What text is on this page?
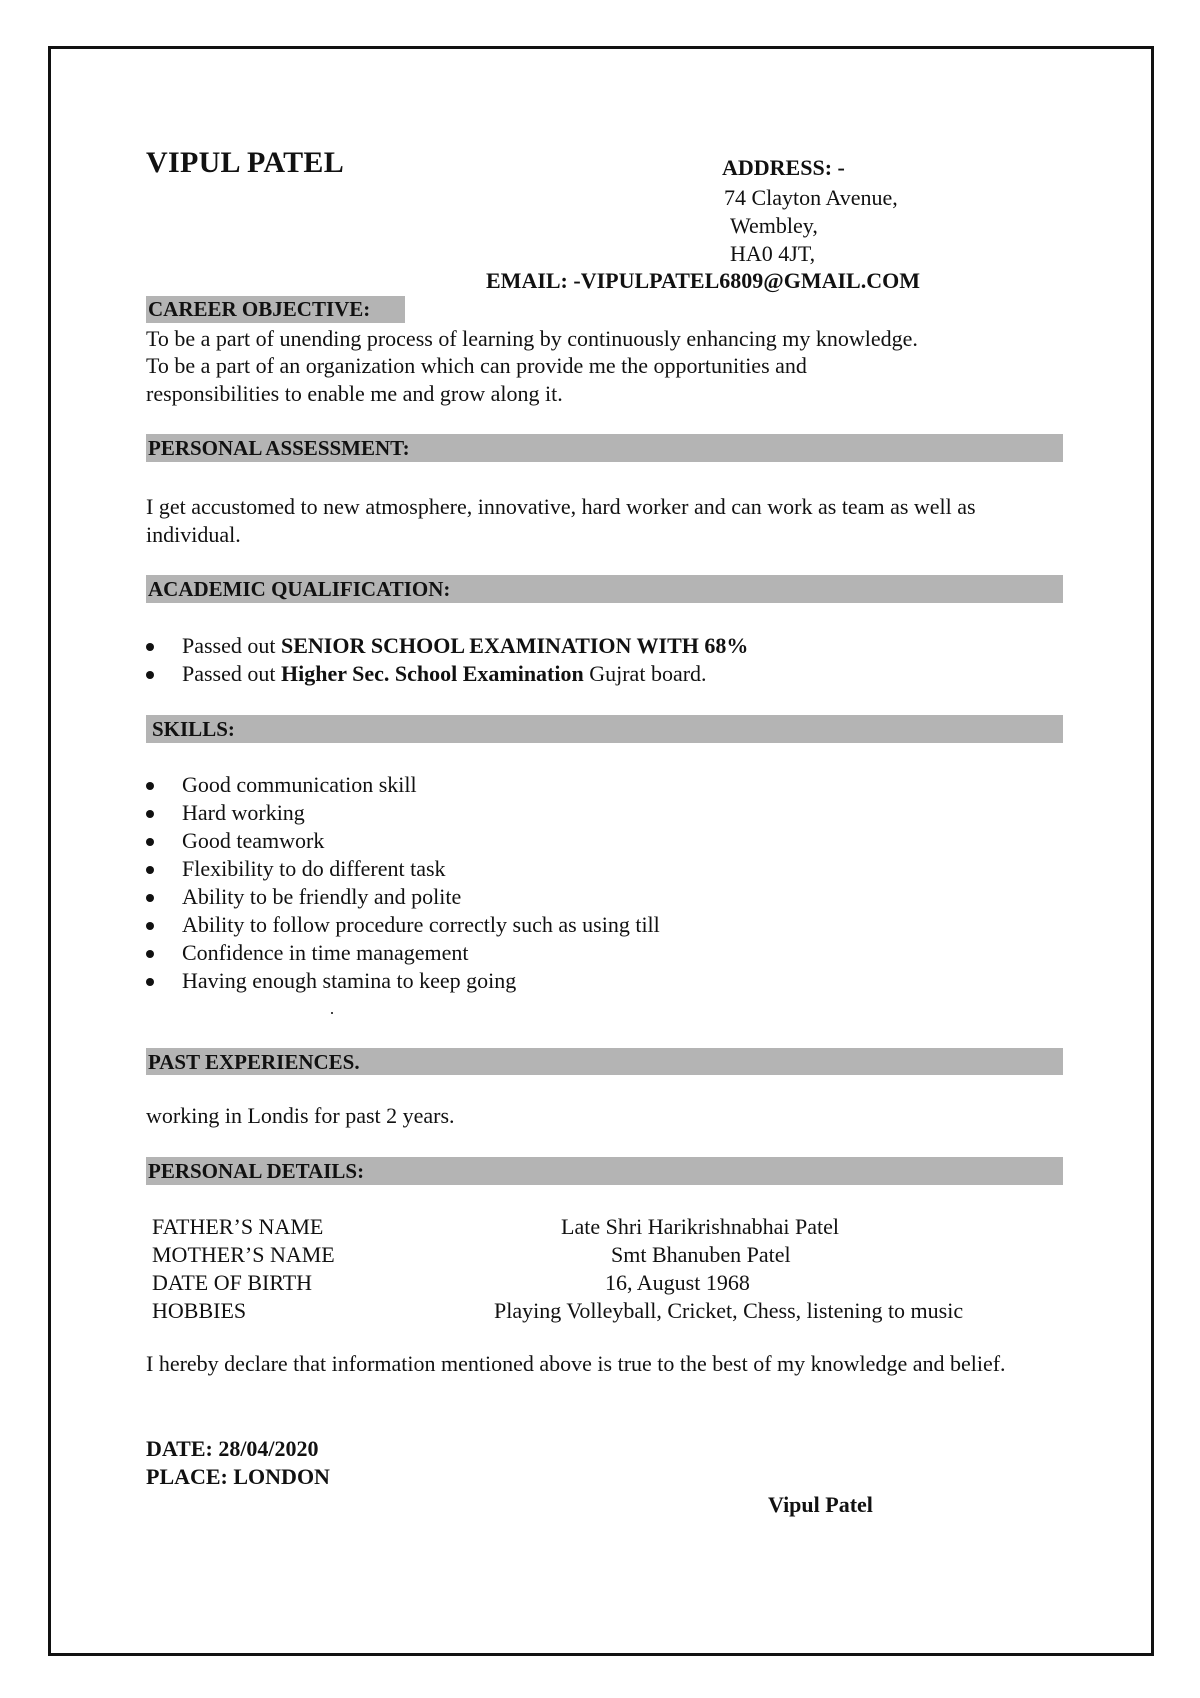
VIPUL PATEL	ADDRESS: -
74 Clayton Avenue,
Wembley,
HA0 4JT,
EMAIL: -VIPULPATEL6809@GMAIL.COM
CAREER OBJECTIVE:
To be a part of unending process of learning by continuously enhancing my knowledge.
To be a part of an organization which can provide me the opportunities and
responsibilities to enable me and grow along it.
PERSONAL ASSESSMENT:
I get accustomed to new atmosphere, innovative, hard worker and can work as team as well as individual.
ACADEMIC QUALIFICATION:
Passed out SENIOR SCHOOL EXAMINATION WITH 68%
Passed out Higher Sec. School Examination Gujrat board.
SKILLS:
Good communication skill
Hard working
Good teamwork
Flexibility to do different task
Ability to be friendly and polite
Ability to follow procedure correctly such as using till
Confidence in time management
Having enough stamina to keep going
PAST EXPERIENCES.
working in Londis for past 2 years.
PERSONAL DETAILS:
FATHER’S NAME	Late Shri Harikrishnabhai Patel
MOTHER’S NAME	Smt Bhanuben Patel
DATE OF BIRTH	16, August 1968
HOBBIES	Playing Volleyball, Cricket, Chess, listening to music
I hereby declare that information mentioned above is true to the best of my knowledge and belief.
DATE: 28/04/2020
PLACE: LONDON
Vipul Patel
